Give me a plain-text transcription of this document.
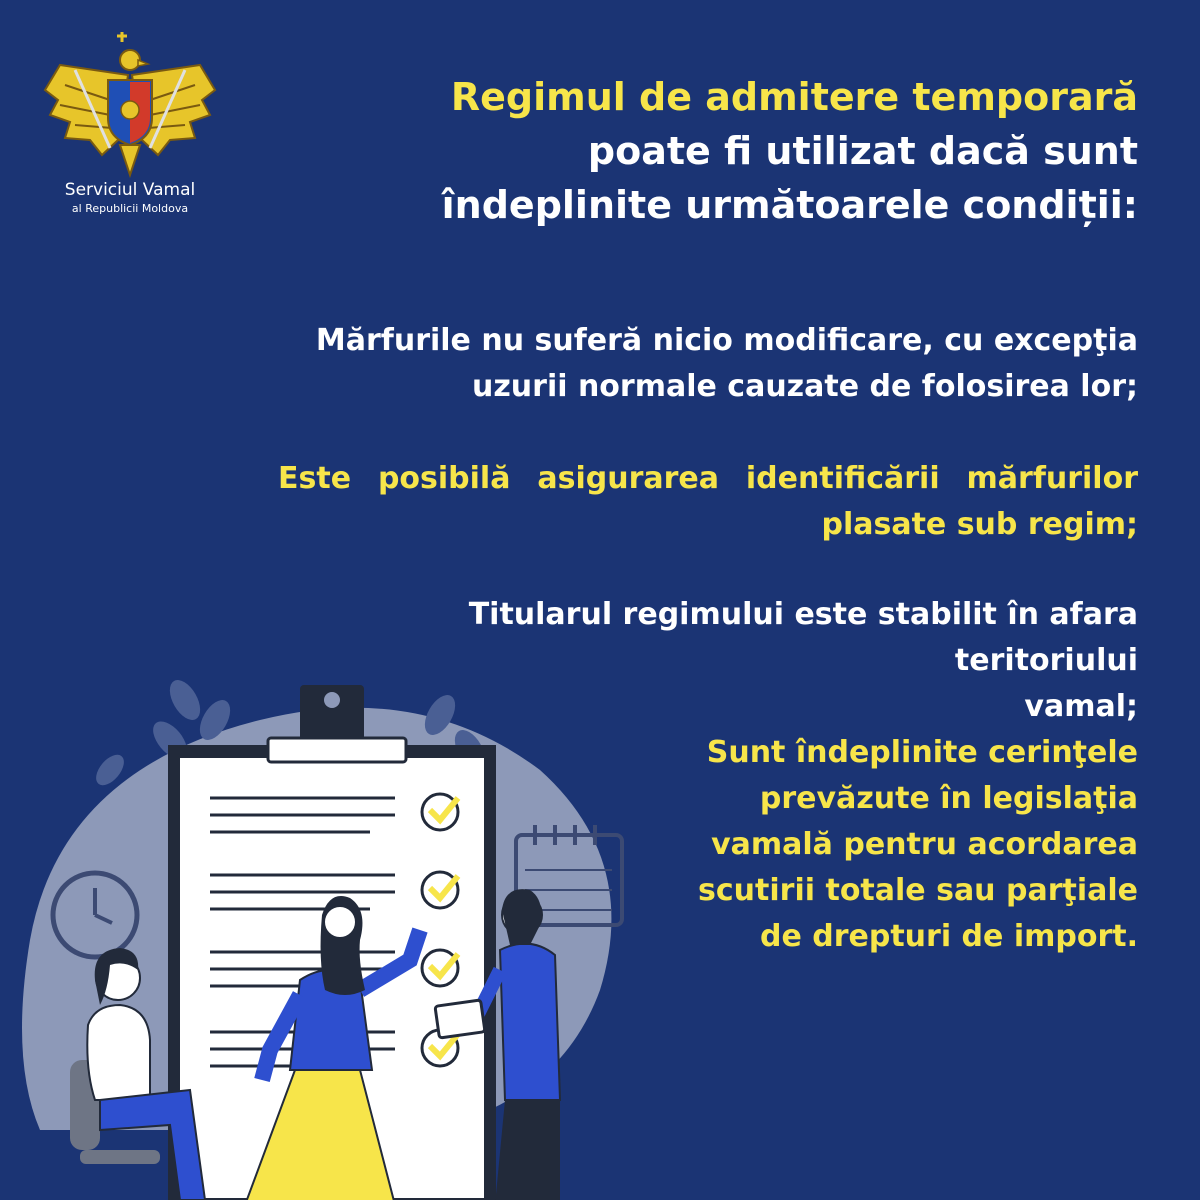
Serviciul Vamal
al Republicii Moldova
Regimul de admitere temporară
poate fi utilizat dacă sunt
îndeplinite următoarele condiții:
Mărfurile nu suferă nicio modificare, cu excepţia
uzurii normale cauzate de folosirea lor;
Este posibilă asigurarea identificării mărfurilor
plasate sub regim;
Titularul regimului este stabilit în afara teritoriului
vamal;
Sunt îndeplinite cerinţele
prevăzute în legislaţia
vamală pentru acordarea
scutirii totale sau parţiale
de drepturi de import.
